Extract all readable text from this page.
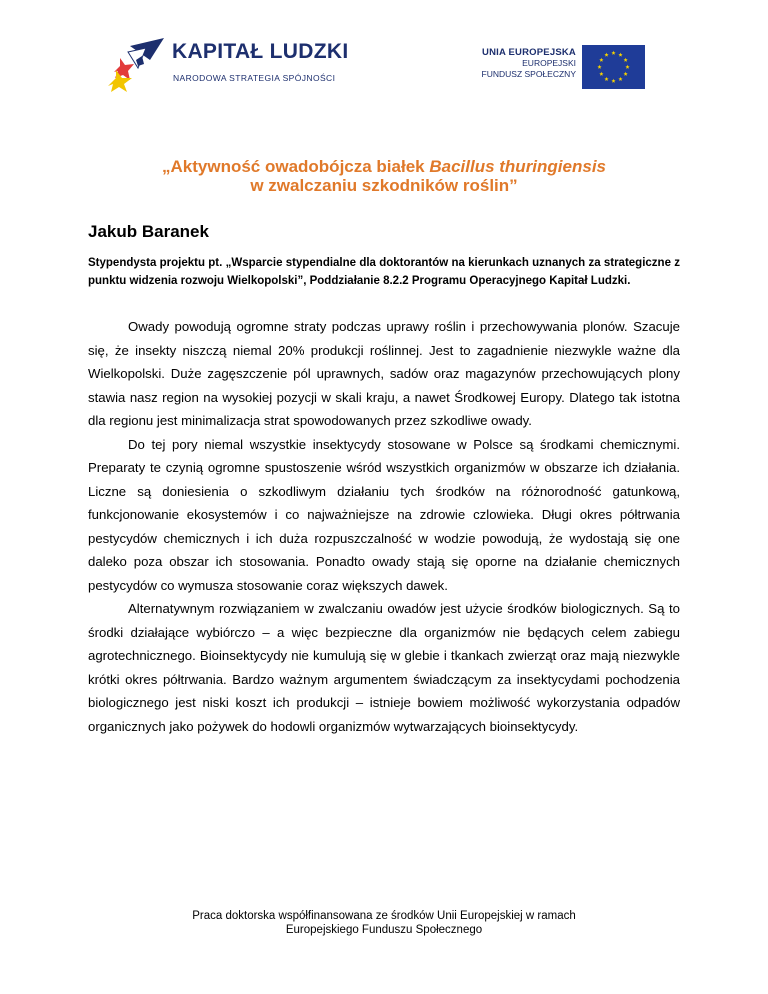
KAPITAŁ LUDZKI
NARODOWA STRATEGIA SPÓJNOŚCI
UNIA EUROPEJSKA
EUROPEJSKI
FUNDUSZ SPOŁECZNY
„Aktywność owadobójcza białek Bacillus thuringiensis
w zwalczaniu szkodników roślin”
Jakub Baranek
Stypendysta projektu pt. „Wsparcie stypendialne dla doktorantów na kierunkach uznanych za strategiczne z punktu widzenia rozwoju Wielkopolski”, Poddziałanie 8.2.2 Programu Operacyjnego Kapitał Ludzki.

Owady powodują ogromne straty podczas uprawy roślin i przechowywania plonów. Szacuje się, że insekty niszczą niemal 20% produkcji roślinnej. Jest to zagadnienie niezwykle ważne dla Wielkopolski. Duże zagęszczenie pól uprawnych, sadów oraz magazynów przechowujących plony stawia nasz region na wysokiej pozycji w skali kraju, a nawet Środkowej Europy. Dlatego tak istotna dla regionu jest minimalizacja strat spowodowanych przez szkodliwe owady.

Do tej pory niemal wszystkie insektycydy stosowane w Polsce są środkami chemicznymi. Preparaty te czynią ogromne spustoszenie wśród wszystkich organizmów w obszarze ich działania. Liczne są doniesienia o szkodliwym działaniu tych środków na różnorodność gatunkową, funkcjonowanie ekosystemów i co najważniejsze na zdrowie czlowieka. Długi okres półtrwania pestycydów chemicznych i ich duża rozpuszczalność w wodzie powodują, że wydostają się one daleko poza obszar ich stosowania. Ponadto owady stają się oporne na działanie chemicznych pestycydów co wymusza stosowanie coraz większych dawek.

Alternatywnym rozwiązaniem w zwalczaniu owadów jest użycie środków biologicznych. Są to środki działające wybiórczo – a więc bezpieczne dla organizmów nie będących celem zabiegu agrotechnicznego. Bioinsektycydy nie kumulują się w glebie i tkankach zwierząt oraz mają niezwykle krótki okres półtrwania. Bardzo ważnym argumentem świadczącym za insektycydami pochodzenia biologicznego jest niski koszt ich produkcji – istnieje bowiem możliwość wykorzystania odpadów organicznych jako pożywek do hodowli organizmów wytwarzających bioinsektycydy.

Praca doktorska współfinansowana ze środków Unii Europejskiej w ramach
Europejskiego Funduszu Społecznego
